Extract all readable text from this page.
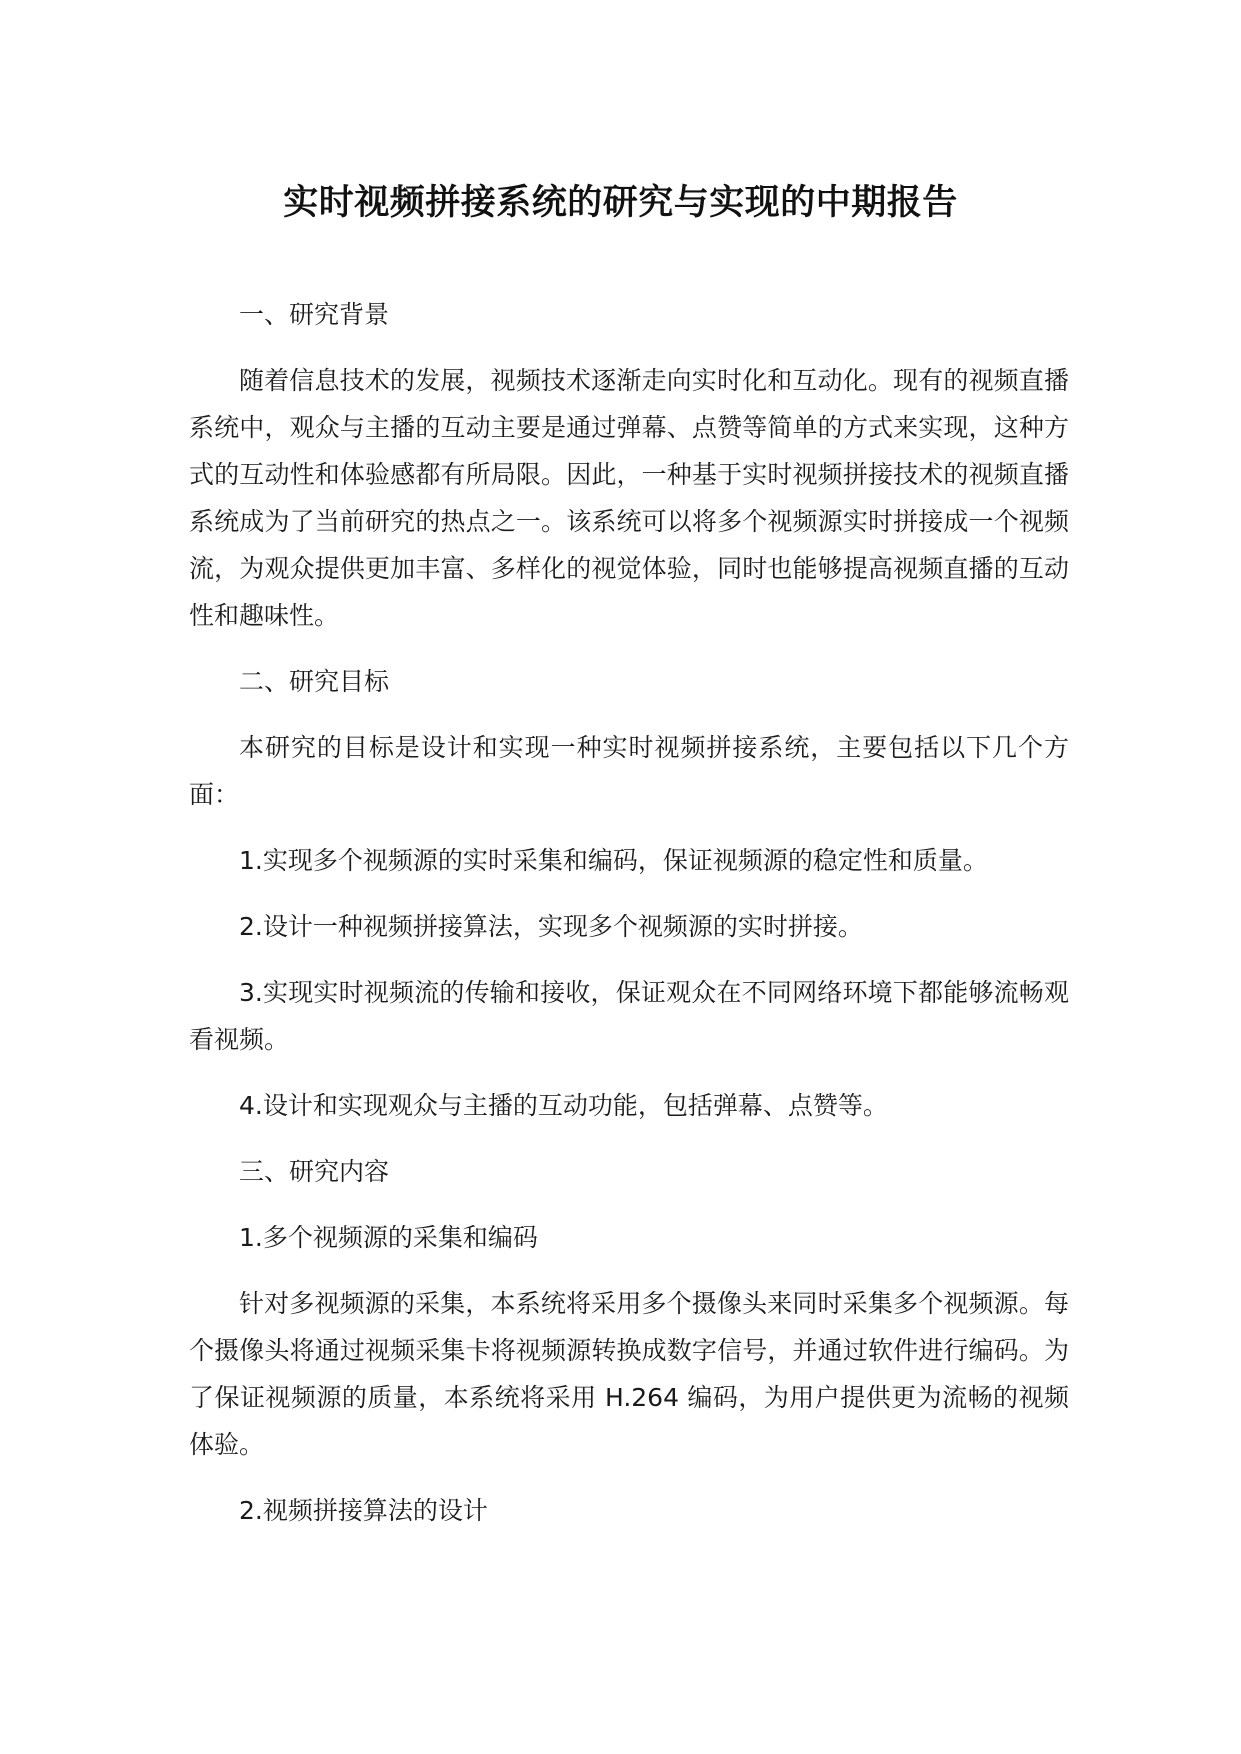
实时视频拼接系统的研究与实现的中期报告

一、研究背景

随着信息技术的发展，视频技术逐渐走向实时化和互动化。现有的视频直播系统中，观众与主播的互动主要是通过弹幕、点赞等简单的方式来实现，这种方式的互动性和体验感都有所局限。因此，一种基于实时视频拼接技术的视频直播系统成为了当前研究的热点之一。该系统可以将多个视频源实时拼接成一个视频流，为观众提供更加丰富、多样化的视觉体验，同时也能够提高视频直播的互动性和趣味性。

二、研究目标

本研究的目标是设计和实现一种实时视频拼接系统，主要包括以下几个方面：

1.实现多个视频源的实时采集和编码，保证视频源的稳定性和质量。

2.设计一种视频拼接算法，实现多个视频源的实时拼接。

3.实现实时视频流的传输和接收，保证观众在不同网络环境下都能够流畅观看视频。

4.设计和实现观众与主播的互动功能，包括弹幕、点赞等。

三、研究内容

1.多个视频源的采集和编码

针对多视频源的采集，本系统将采用多个摄像头来同时采集多个视频源。每个摄像头将通过视频采集卡将视频源转换成数字信号，并通过软件进行编码。为了保证视频源的质量，本系统将采用 H.264 编码，为用户提供更为流畅的视频体验。

2.视频拼接算法的设计
